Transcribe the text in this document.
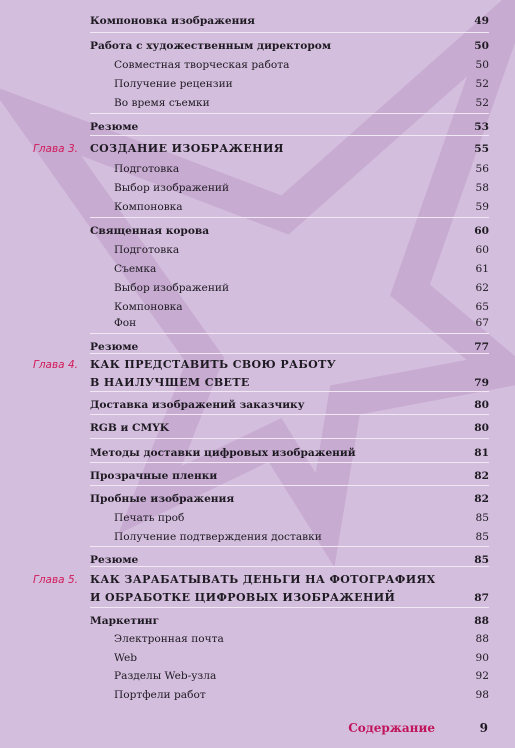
Компоновка изображения	49
Работа с художественным директором	50
Совместная творческая работа	50
Получение рецензии	52
Во время съемки	52
Резюме	53
Глава 3. СОЗДАНИЕ ИЗОБРАЖЕНИЯ	55
Подготовка	56
Выбор изображений	58
Компоновка	59
Священная корова	60
Подготовка	60
Съемка	61
Выбор изображений	62
Компоновка	65
Фон	67
Резюме	77
Глава 4. КАК ПРЕДСТАВИТЬ СВОЮ РАБОТУ
В НАИЛУЧШЕМ СВЕТЕ	79
Доставка изображений заказчику	80
RGB и CMYK	80
Методы доставки цифровых изображений	81
Прозрачные пленки	82
Пробные изображения	82
Печать проб	85
Получение подтверждения доставки	85
Резюме	85
Глава 5. КАК ЗАРАБАТЫВАТЬ ДЕНЬГИ НА ФОТОГРАФИЯХ
И ОБРАБОТКЕ ЦИФРОВЫХ ИЗОБРАЖЕНИЙ	87
Маркетинг	88
Электронная почта	88
Web	90
Разделы Web-узла	92
Портфели работ	98
Содержание	9
